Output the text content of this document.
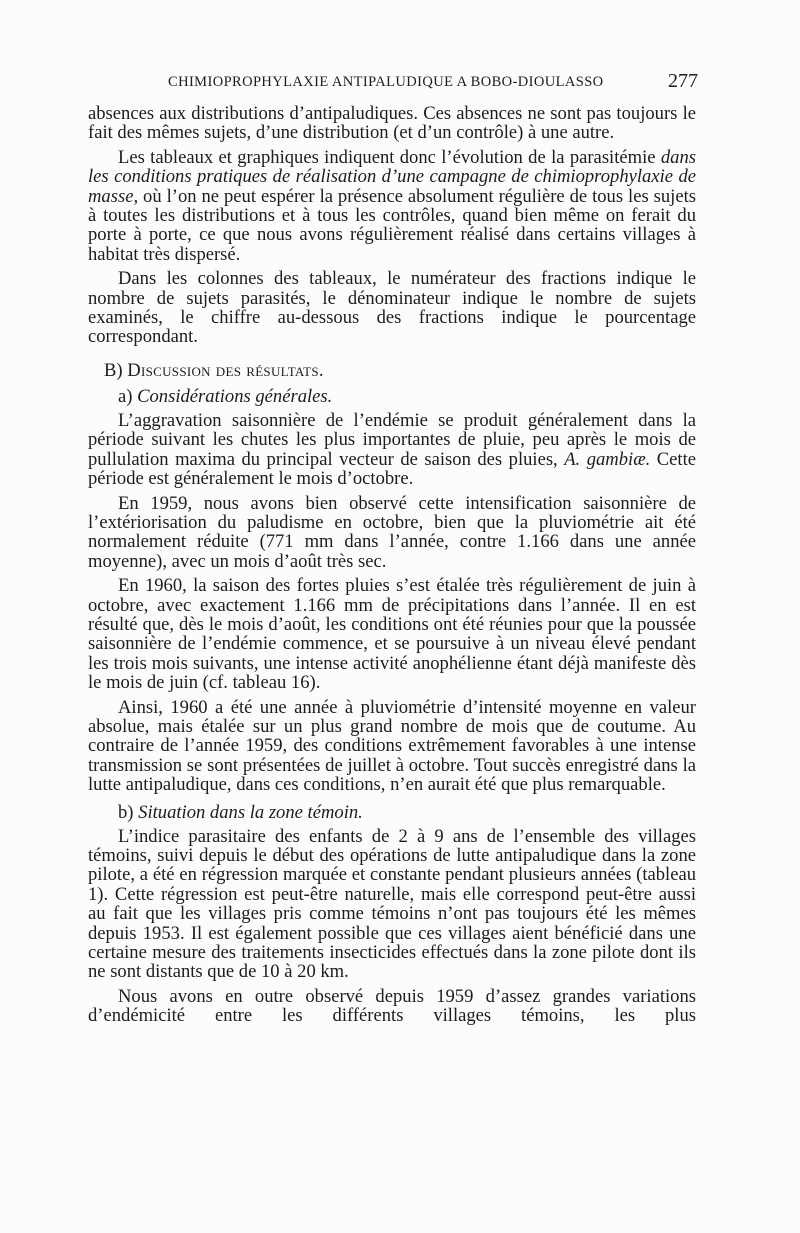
CHIMIOPROPHYLAXIE ANTIPALUDIQUE A BOBO-DIOULASSO	277

absences aux distributions d’antipaludiques. Ces absences ne sont pas toujours le fait des mêmes sujets, d’une distribution (et d’un contrôle) à une autre.

Les tableaux et graphiques indiquent donc l’évolution de la parasitémie dans les conditions pratiques de réalisation d’une campagne de chimioprophylaxie de masse, où l’on ne peut espérer la présence absolument régulière de tous les sujets à toutes les distributions et à tous les contrôles, quand bien même on ferait du porte à porte, ce que nous avons régulièrement réalisé dans certains villages à habitat très dispersé.

Dans les colonnes des tableaux, le numérateur des fractions indique le nombre de sujets parasités, le dénominateur indique le nombre de sujets examinés, le chiffre au-dessous des fractions indique le pourcentage correspondant.

B) Discussion des résultats.
a) Considérations générales.

L’aggravation saisonnière de l’endémie se produit généralement dans la période suivant les chutes les plus importantes de pluie, peu après le mois de pullulation maxima du principal vecteur de saison des pluies, A. gambiæ. Cette période est généralement le mois d’octobre.

En 1959, nous avons bien observé cette intensification saisonnière de l’extériorisation du paludisme en octobre, bien que la pluviométrie ait été normalement réduite (771 mm dans l’année, contre 1.166 dans une année moyenne), avec un mois d’août très sec.

En 1960, la saison des fortes pluies s’est étalée très régulièrement de juin à octobre, avec exactement 1.166 mm de précipitations dans l’année. Il en est résulté que, dès le mois d’août, les conditions ont été réunies pour que la poussée saisonnière de l’endémie commence, et se poursuive à un niveau élevé pendant les trois mois suivants, une intense activité anophélienne étant déjà manifeste dès le mois de juin (cf. tableau 16).

Ainsi, 1960 a été une année à pluviométrie d’intensité moyenne en valeur absolue, mais étalée sur un plus grand nombre de mois que de coutume. Au contraire de l’année 1959, des conditions extrêmement favorables à une intense transmission se sont présentées de juillet à octobre. Tout succès enregistré dans la lutte antipaludique, dans ces conditions, n’en aurait été que plus remarquable.

b) Situation dans la zone témoin.

L’indice parasitaire des enfants de 2 à 9 ans de l’ensemble des villages témoins, suivi depuis le début des opérations de lutte antipaludique dans la zone pilote, a été en régression marquée et constante pendant plusieurs années (tableau 1). Cette régression est peut-être naturelle, mais elle correspond peut-être aussi au fait que les villages pris comme témoins n’ont pas toujours été les mêmes depuis 1953. Il est également possible que ces villages aient bénéficié dans une certaine mesure des traitements insecticides effectués dans la zone pilote dont ils ne sont distants que de 10 à 20 km.

Nous avons en outre observé depuis 1959 d’assez grandes variations d’endémicité entre les différents villages témoins, les plus
